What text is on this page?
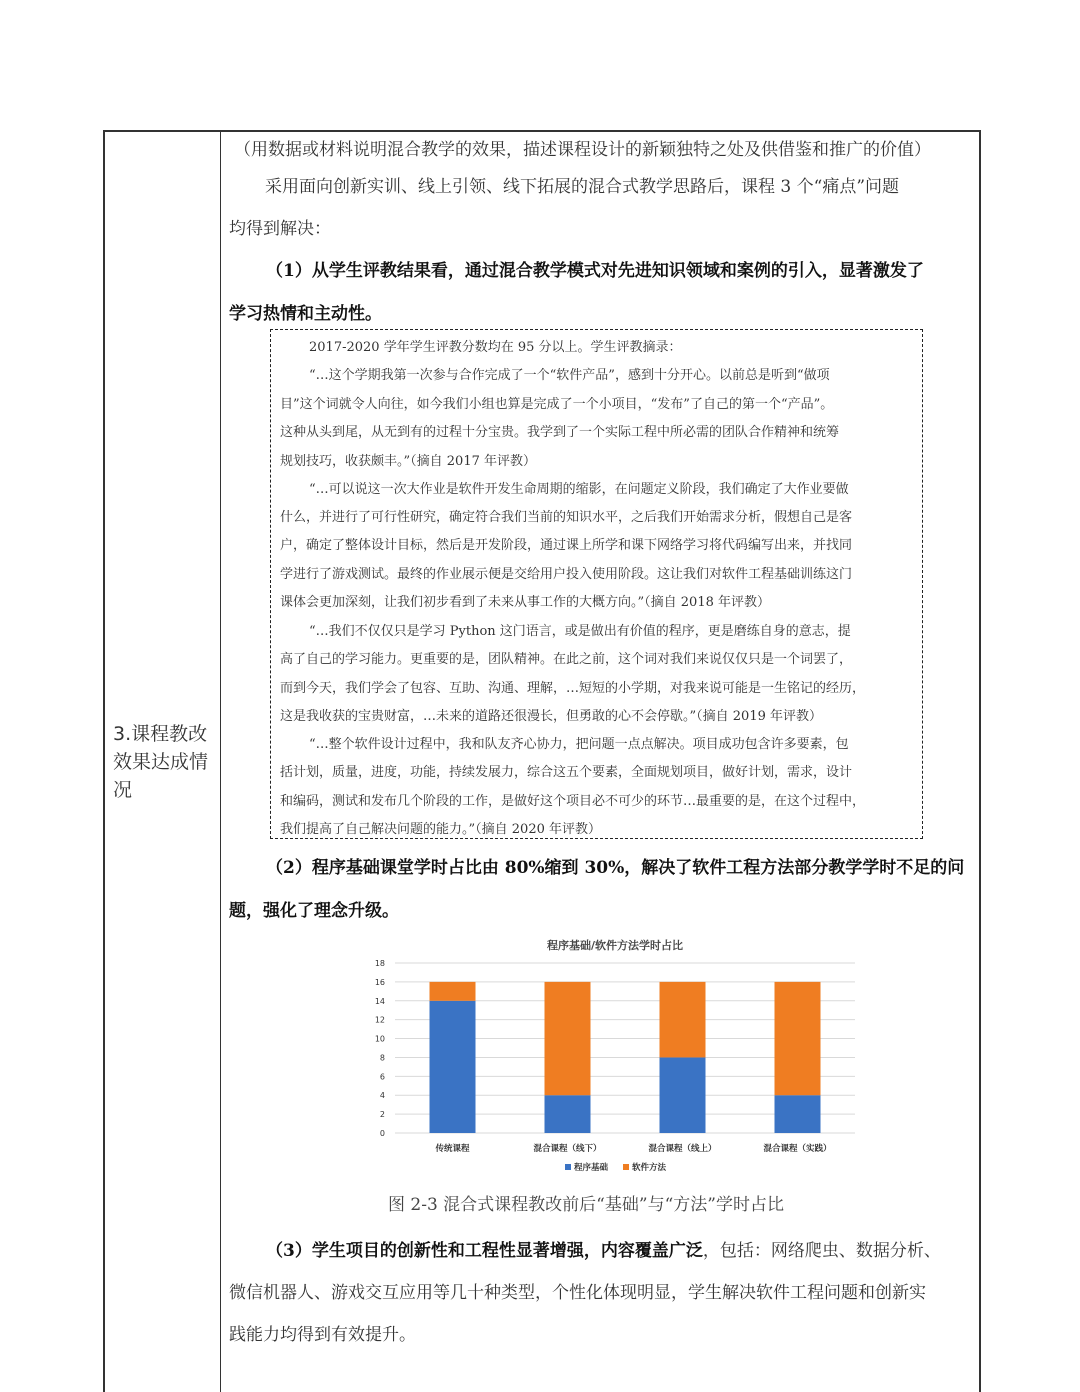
3.课程教改效果达成情况
（用数据或材料说明混合教学的效果，描述课程设计的新颖独特之处及供借鉴和推广的价值）
采用面向创新实训、线上引领、线下拓展的混合式教学思路后，课程 3 个“痛点”问题
均得到解决：
（1）从学生评教结果看，通过混合教学模式对先进知识领域和案例的引入，显著激发了
学习热情和主动性。
2017-2020 学年学生评教分数均在 95 分以上。学生评教摘录：
“…这个学期我第一次参与合作完成了一个“软件产品”，感到十分开心。以前总是听到“做项
目”这个词就令人向往，如今我们小组也算是完成了一个小项目，“发布”了自己的第一个“产品”。
这种从头到尾，从无到有的过程十分宝贵。我学到了一个实际工程中所必需的团队合作精神和统筹
规划技巧，收获颇丰。”（摘自 2017 年评教）
“…可以说这一次大作业是软件开发生命周期的缩影，在问题定义阶段，我们确定了大作业要做
什么，并进行了可行性研究，确定符合我们当前的知识水平，之后我们开始需求分析，假想自己是客
户，确定了整体设计目标，然后是开发阶段，通过课上所学和课下网络学习将代码编写出来，并找同
学进行了游戏测试。最终的作业展示便是交给用户投入使用阶段。这让我们对软件工程基础训练这门
课体会更加深刻，让我们初步看到了未来从事工作的大概方向。”（摘自 2018 年评教）
“…我们不仅仅只是学习 Python 这门语言，或是做出有价值的程序，更是磨练自身的意志，提
高了自己的学习能力。更重要的是，团队精神。在此之前，这个词对我们来说仅仅只是一个词罢了，
而到今天，我们学会了包容、互助、沟通、理解，…短短的小学期，对我来说可能是一生铭记的经历，
这是我收获的宝贵财富，…未来的道路还很漫长，但勇敢的心不会停歇。”（摘自 2019 年评教）
“…整个软件设计过程中，我和队友齐心协力，把问题一点点解决。项目成功包含许多要素，包
括计划，质量，进度，功能，持续发展力，综合这五个要素，全面规划项目，做好计划，需求，设计
和编码，测试和发布几个阶段的工作，是做好这个项目必不可少的环节…最重要的是，在这个过程中，
我们提高了自己解决问题的能力。”（摘自 2020 年评教）
（2）程序基础课堂学时占比由 80%缩到 30%，解决了软件工程方法部分教学学时不足的问
题，强化了理念升级。
程序基础/软件方法学时占比
0
2
4
6
8
10
12
14
16
18
传统课程	混合课程（线下）	混合课程（线上）	混合课程（实践）
程序基础	软件方法
图 2-3 混合式课程教改前后“基础”与“方法”学时占比
（3）学生项目的创新性和工程性显著增强，内容覆盖广泛，包括：网络爬虫、数据分析、
微信机器人、游戏交互应用等几十种类型，个性化体现明显，学生解决软件工程问题和创新实
践能力均得到有效提升。
